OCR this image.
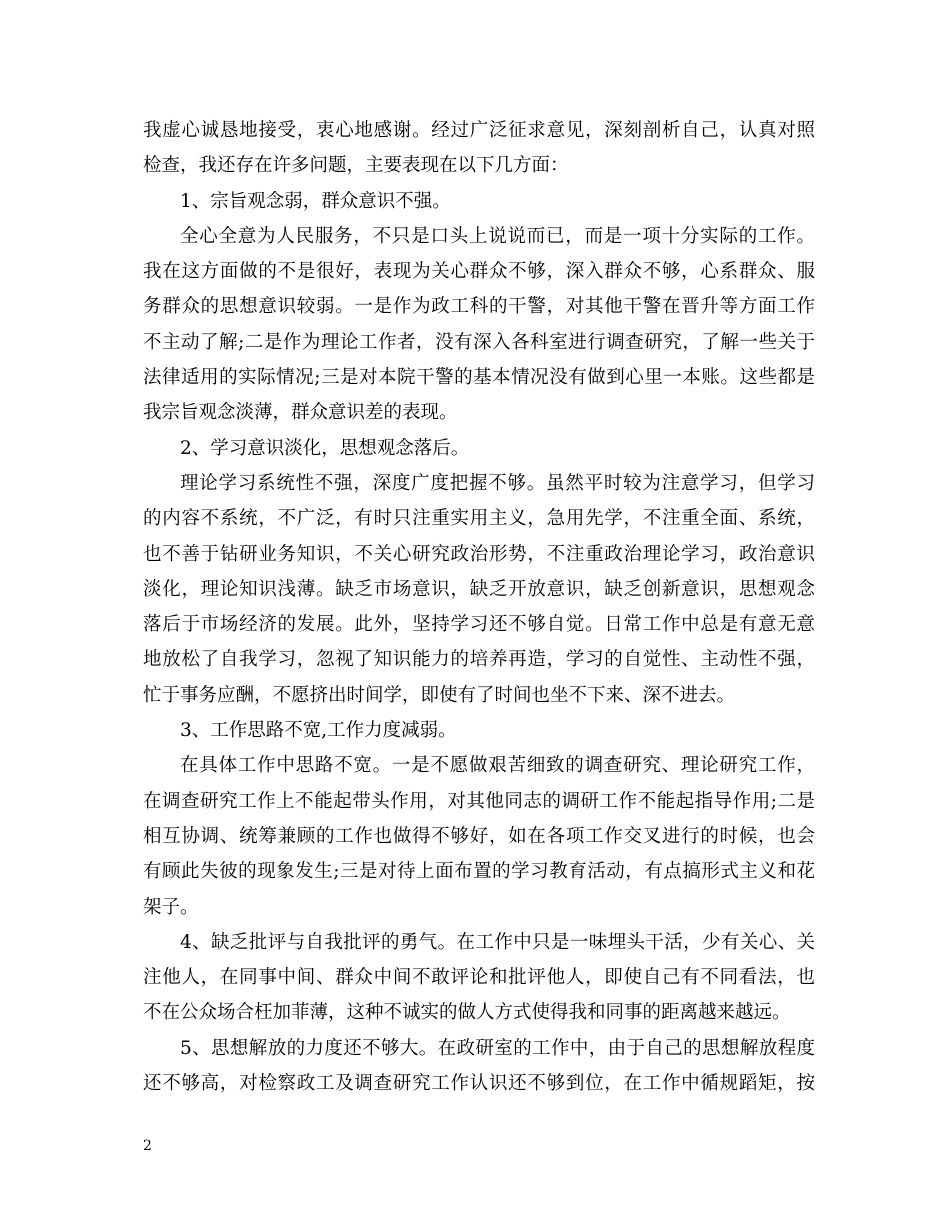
我虚心诚恳地接受，衷心地感谢。经过广泛征求意见，深刻剖析自己，认真对照
检查，我还存在许多问题，主要表现在以下几方面：
1、宗旨观念弱，群众意识不强。
全心全意为人民服务，不只是口头上说说而已，而是一项十分实际的工作。
我在这方面做的不是很好，表现为关心群众不够，深入群众不够，心系群众、服
务群众的思想意识较弱。一是作为政工科的干警，对其他干警在晋升等方面工作
不主动了解;二是作为理论工作者，没有深入各科室进行调查研究，了解一些关于
法律适用的实际情况;三是对本院干警的基本情况没有做到心里一本账。这些都是
我宗旨观念淡薄，群众意识差的表现。
2、学习意识淡化，思想观念落后。
理论学习系统性不强，深度广度把握不够。虽然平时较为注意学习，但学习
的内容不系统，不广泛，有时只注重实用主义，急用先学，不注重全面、系统，
也不善于钻研业务知识，不关心研究政治形势，不注重政治理论学习，政治意识
淡化，理论知识浅薄。缺乏市场意识，缺乏开放意识，缺乏创新意识，思想观念
落后于市场经济的发展。此外，坚持学习还不够自觉。日常工作中总是有意无意
地放松了自我学习，忽视了知识能力的培养再造，学习的自觉性、主动性不强，
忙于事务应酬，不愿挤出时间学，即使有了时间也坐不下来、深不进去。
3、工作思路不宽,工作力度减弱。
在具体工作中思路不宽。一是不愿做艰苦细致的调查研究、理论研究工作，
在调查研究工作上不能起带头作用，对其他同志的调研工作不能起指导作用;二是
相互协调、统筹兼顾的工作也做得不够好，如在各项工作交叉进行的时候，也会
有顾此失彼的现象发生;三是对待上面布置的学习教育活动，有点搞形式主义和花
架子。
4、缺乏批评与自我批评的勇气。在工作中只是一味埋头干活，少有关心、关
注他人，在同事中间、群众中间不敢评论和批评他人，即使自己有不同看法，也
不在公众场合枉加菲薄，这种不诚实的做人方式使得我和同事的距离越来越远。
5、思想解放的力度还不够大。在政研室的工作中，由于自己的思想解放程度
还不够高，对检察政工及调查研究工作认识还不够到位，在工作中循规蹈矩，按
2
